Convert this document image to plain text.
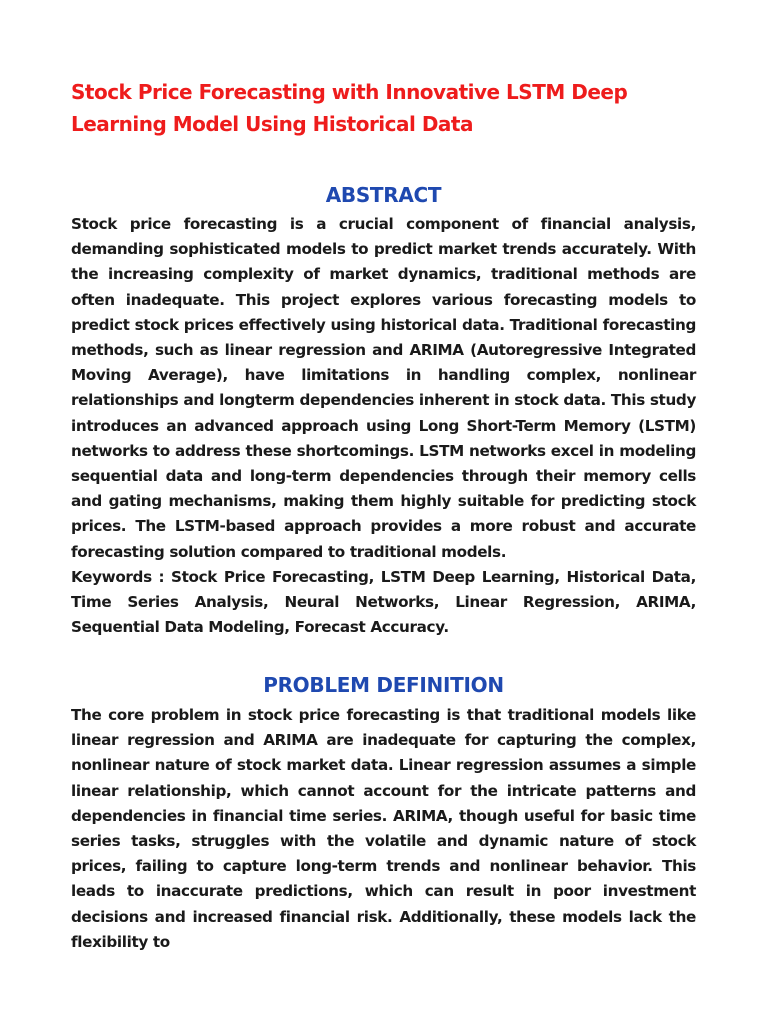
Stock Price Forecasting with Innovative LSTM Deep Learning Model Using Historical Data
ABSTRACT

Stock price forecasting is a crucial component of financial analysis, demanding sophisticated models to predict market trends accurately. With the increasing complexity of market dynamics, traditional methods are often inadequate. This project explores various forecasting models to predict stock prices effectively using historical data. Traditional forecasting methods, such as linear regression and ARIMA (Autoregressive Integrated Moving Average), have limitations in handling complex, nonlinear relationships and longterm dependencies inherent in stock data. This study introduces an advanced approach using Long Short-Term Memory (LSTM) networks to address these shortcomings. LSTM networks excel in modeling sequential data and long-term dependencies through their memory cells and gating mechanisms, making them highly suitable for predicting stock prices. The LSTM-based approach provides a more robust and accurate forecasting solution compared to traditional models.

Keywords : Stock Price Forecasting, LSTM Deep Learning, Historical Data, Time Series Analysis, Neural Networks, Linear Regression, ARIMA, Sequential Data Modeling, Forecast Accuracy.

PROBLEM DEFINITION

The core problem in stock price forecasting is that traditional models like linear regression and ARIMA are inadequate for capturing the complex, nonlinear nature of stock market data. Linear regression assumes a simple linear relationship, which cannot account for the intricate patterns and dependencies in financial time series. ARIMA, though useful for basic time series tasks, struggles with the volatile and dynamic nature of stock prices, failing to capture long-term trends and nonlinear behavior. This leads to inaccurate predictions, which can result in poor investment decisions and increased financial risk. Additionally, these models lack the flexibility to
